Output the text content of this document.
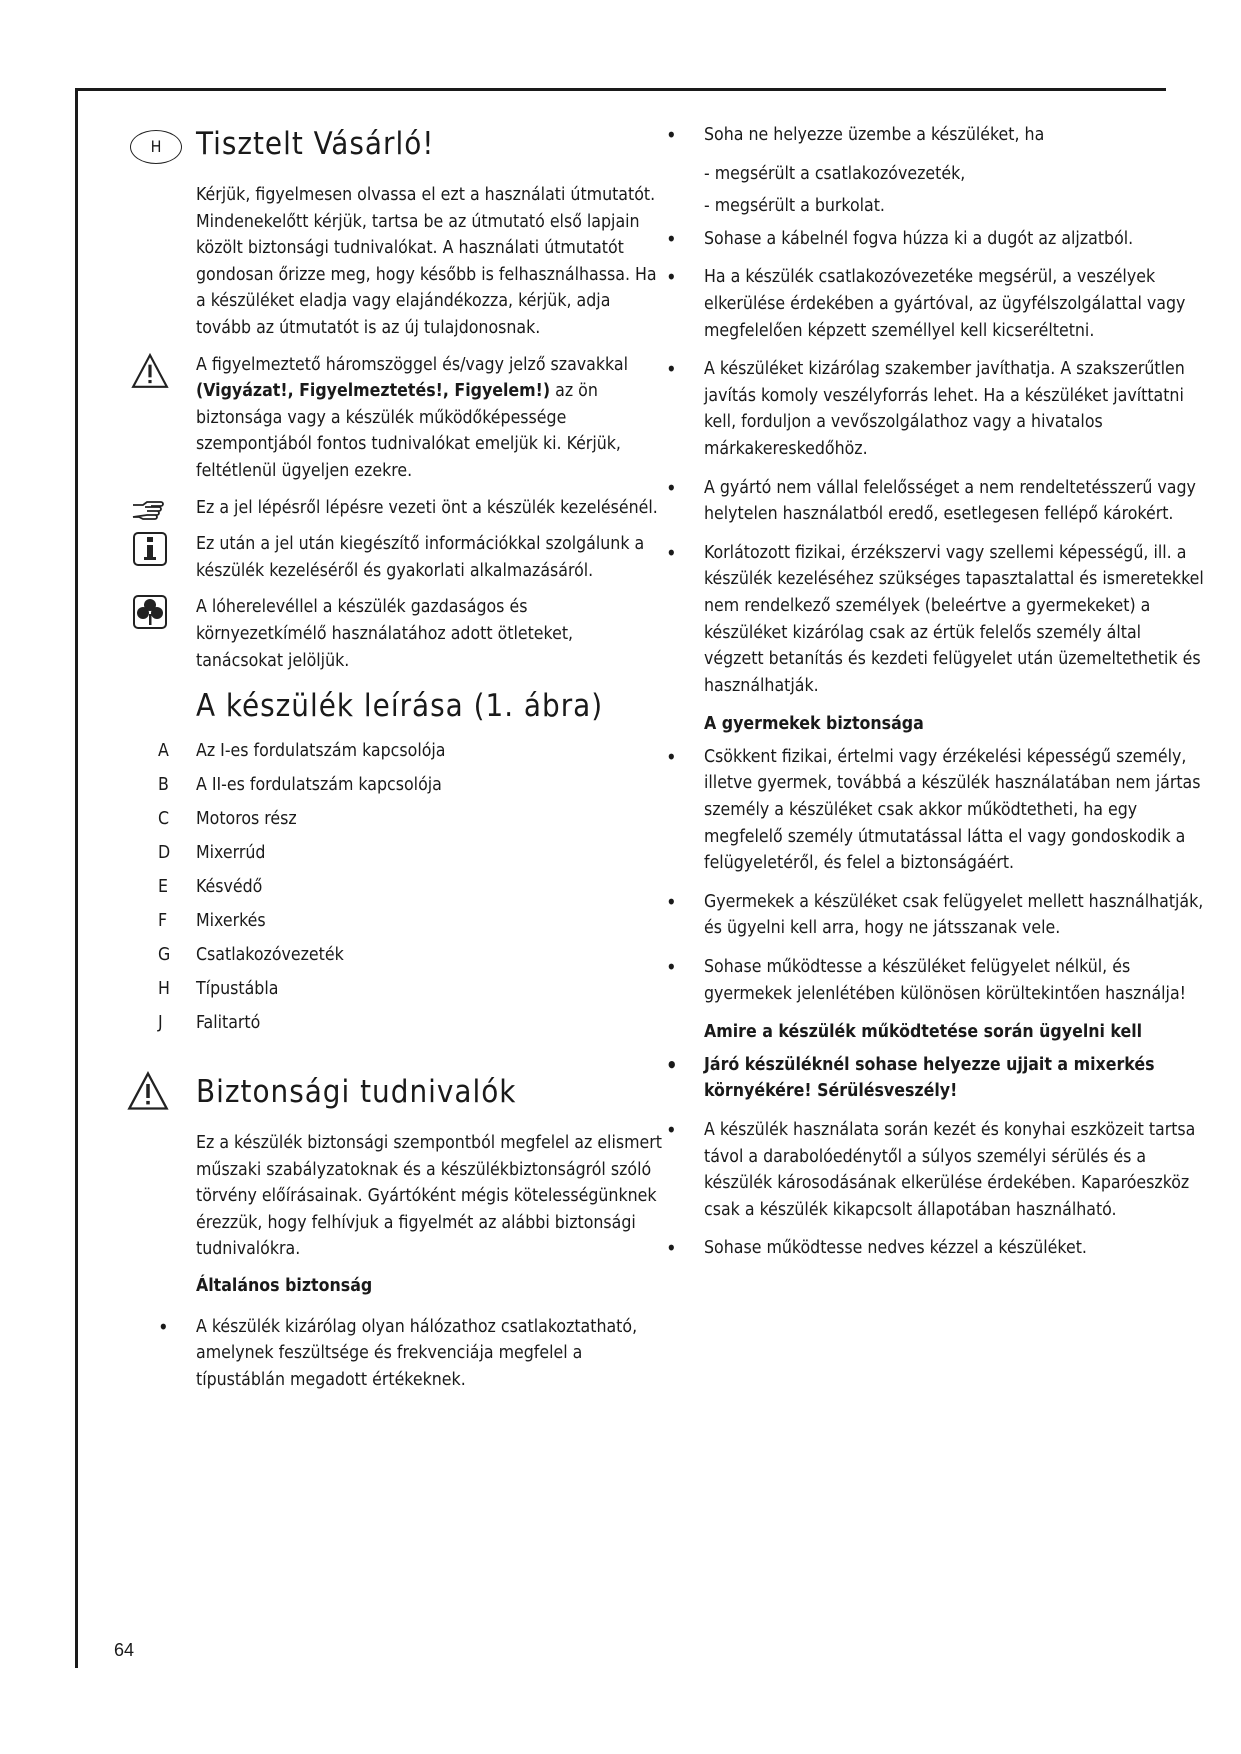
H	Tisztelt Vásárló!

Kérjük, figyelmesen olvassa el ezt a használati útmutatót. Mindenekelőtt kérjük, tartsa be az útmutató első lapjain közölt biztonsági tudnivalókat. A használati útmutatót gondosan őrizze meg, hogy később is felhasználhassa. Ha a készüléket eladja vagy elajándékozza, kérjük, adja tovább az útmutatót is az új tulajdonosnak.

A figyelmeztető háromszöggel és/vagy jelző szavakkal (Vigyázat!, Figyelmeztetés!, Figyelem!) az ön biztonsága vagy a készülék működőképessége szempontjából fontos tudnivalókat emeljük ki. Kérjük, feltétlenül ügyeljen ezekre.

Ez a jel lépésről lépésre vezeti önt a készülék kezelésénél.

Ez után a jel után kiegészítő információkkal szolgálunk a készülék kezeléséről és gyakorlati alkalmazásáról.

A lóherelevéllel a készülék gazdaságos és környezetkímélő használatához adott ötleteket, tanácsokat jelöljük.

A készülék leírása (1. ábra)
A Az I-es fordulatszám kapcsolója
B A II-es fordulatszám kapcsolója
C Motoros rész
D Mixerrúd
E Késvédő
F Mixerkés
G Csatlakozóvezeték
H Típustábla
J Falitartó
Biztonsági tudnivalók

Ez a készülék biztonsági szempontból megfelel az elismert műszaki szabályzatoknak és a készülékbiztonságról szóló törvény előírásainak. Gyártóként mégis kötelességünknek érezzük, hogy felhívjuk a figyelmét az alábbi biztonsági tudnivalókra.

Általános biztonság
• A készülék kizárólag olyan hálózathoz csatlakoztatható, amelynek feszültsége és frekvenciája megfelel a típustáblán megadott értékeknek.
• Soha ne helyezze üzembe a készüléket, ha
- megsérült a csatlakozóvezeték,
- megsérült a burkolat.
• Sohase a kábelnél fogva húzza ki a dugót az aljzatból.
• Ha a készülék csatlakozóvezetéke megsérül, a veszélyek elkerülése érdekében a gyártóval, az ügyfélszolgálattal vagy megfelelően képzett személlyel kell kicseréltetni.
• A készüléket kizárólag szakember javíthatja. A szakszerűtlen javítás komoly veszélyforrás lehet. Ha a készüléket javíttatni kell, forduljon a vevőszolgálathoz vagy a hivatalos márkakereskedőhöz.
• A gyártó nem vállal felelősséget a nem rendeltetésszerű vagy helytelen használatból eredő, esetlegesen fellépő károkért.
• Korlátozott fizikai, érzékszervi vagy szellemi képességű, ill. a készülék kezeléséhez szükséges tapasztalattal és ismeretekkel nem rendelkező személyek (beleértve a gyermekeket) a készüléket kizárólag csak az értük felelős személy által végzett betanítás és kezdeti felügyelet után üzemeltethetik és használhatják.
A gyermekek biztonsága
• Csökkent fizikai, értelmi vagy érzékelési képességű személy, illetve gyermek, továbbá a készülék használatában nem jártas személy a készüléket csak akkor működtetheti, ha egy megfelelő személy útmutatással látta el vagy gondoskodik a felügyeletéről, és felel a biztonságáért.
• Gyermekek a készüléket csak felügyelet mellett használhatják, és ügyelni kell arra, hogy ne játsszanak vele.
• Sohase működtesse a készüléket felügyelet nélkül, és gyermekek jelenlétében különösen körültekintően használja!
Amire a készülék működtetése során ügyelni kell
• Járó készüléknél sohase helyezze ujjait a mixerkés környékére! Sérülésveszély!
• A készülék használata során kezét és konyhai eszközeit tartsa távol a darabolóedénytől a súlyos személyi sérülés és a készülék károsodásának elkerülése érdekében. Kaparóeszköz csak a készülék kikapcsolt állapotában használható.
• Sohase működtesse nedves kézzel a készüléket.
64
